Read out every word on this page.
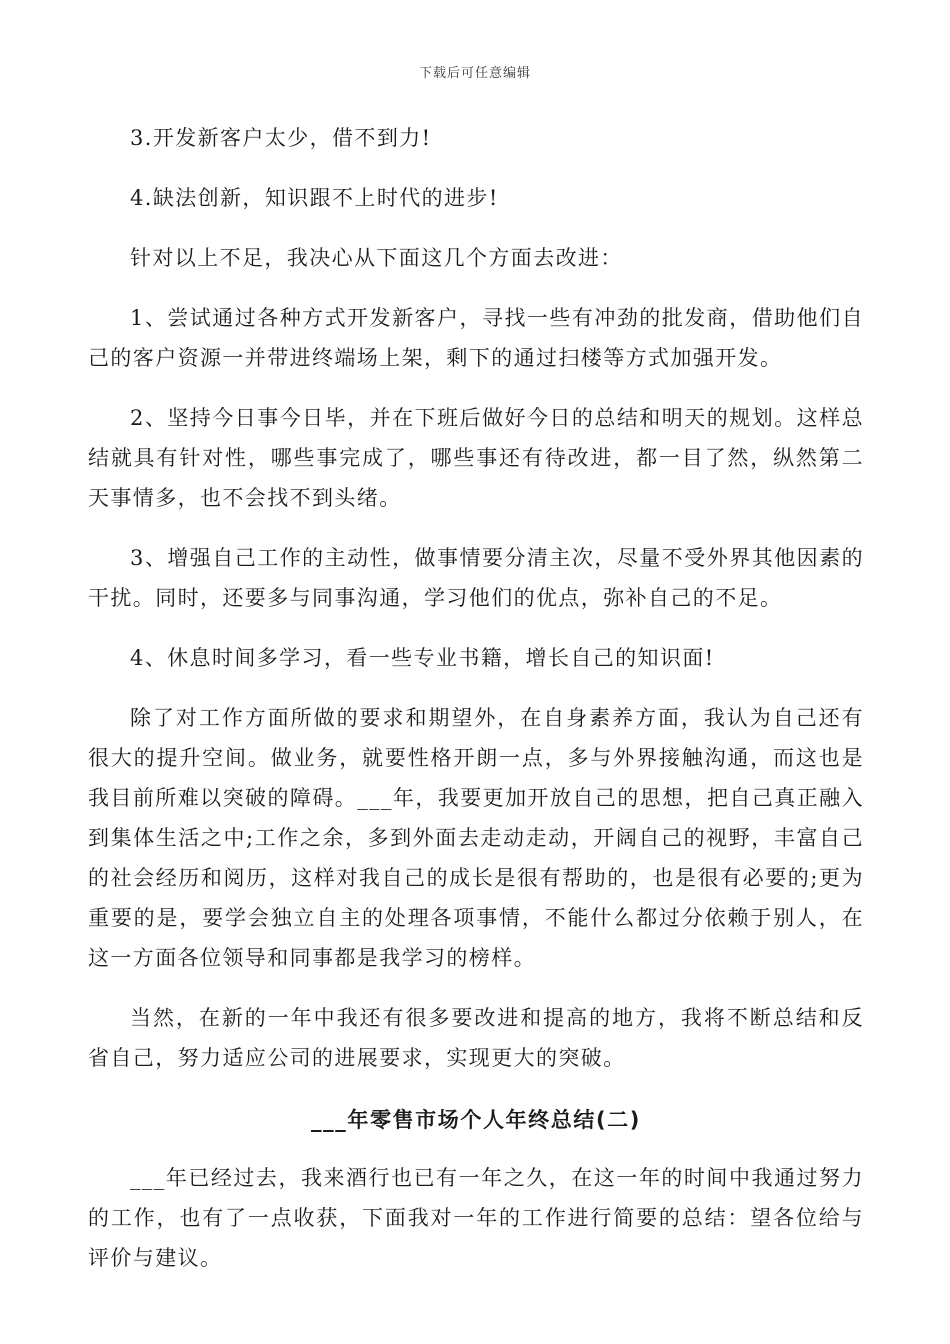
下载后可任意编辑

3.开发新客户太少，借不到力!

4.缺法创新，知识跟不上时代的进步!

针对以上不足，我决心从下面这几个方面去改进：

1、尝试通过各种方式开发新客户，寻找一些有冲劲的批发商，借助他们自己的客户资源一并带进终端场上架，剩下的通过扫楼等方式加强开发。

2、坚持今日事今日毕，并在下班后做好今日的总结和明天的规划。这样总结就具有针对性，哪些事完成了，哪些事还有待改进，都一目了然，纵然第二天事情多，也不会找不到头绪。

3、增强自己工作的主动性，做事情要分清主次，尽量不受外界其他因素的干扰。同时，还要多与同事沟通，学习他们的优点，弥补自己的不足。

4、休息时间多学习，看一些专业书籍，增长自己的知识面!

除了对工作方面所做的要求和期望外，在自身素养方面，我认为自己还有很大的提升空间。做业务，就要性格开朗一点，多与外界接触沟通，而这也是我目前所难以突破的障碍。___年，我要更加开放自己的思想，把自己真正融入到集体生活之中;工作之余，多到外面去走动走动，开阔自己的视野，丰富自己的社会经历和阅历，这样对我自己的成长是很有帮助的，也是很有必要的;更为重要的是，要学会独立自主的处理各项事情，不能什么都过分依赖于别人，在这一方面各位领导和同事都是我学习的榜样。

当然，在新的一年中我还有很多要改进和提高的地方，我将不断总结和反省自己，努力适应公司的进展要求，实现更大的突破。

___年零售市场个人年终总结(二)

___年已经过去，我来酒行也已有一年之久，在这一年的时间中我通过努力的工作，也有了一点收获，下面我对一年的工作进行简要的总结：望各位给与评价与建议。
